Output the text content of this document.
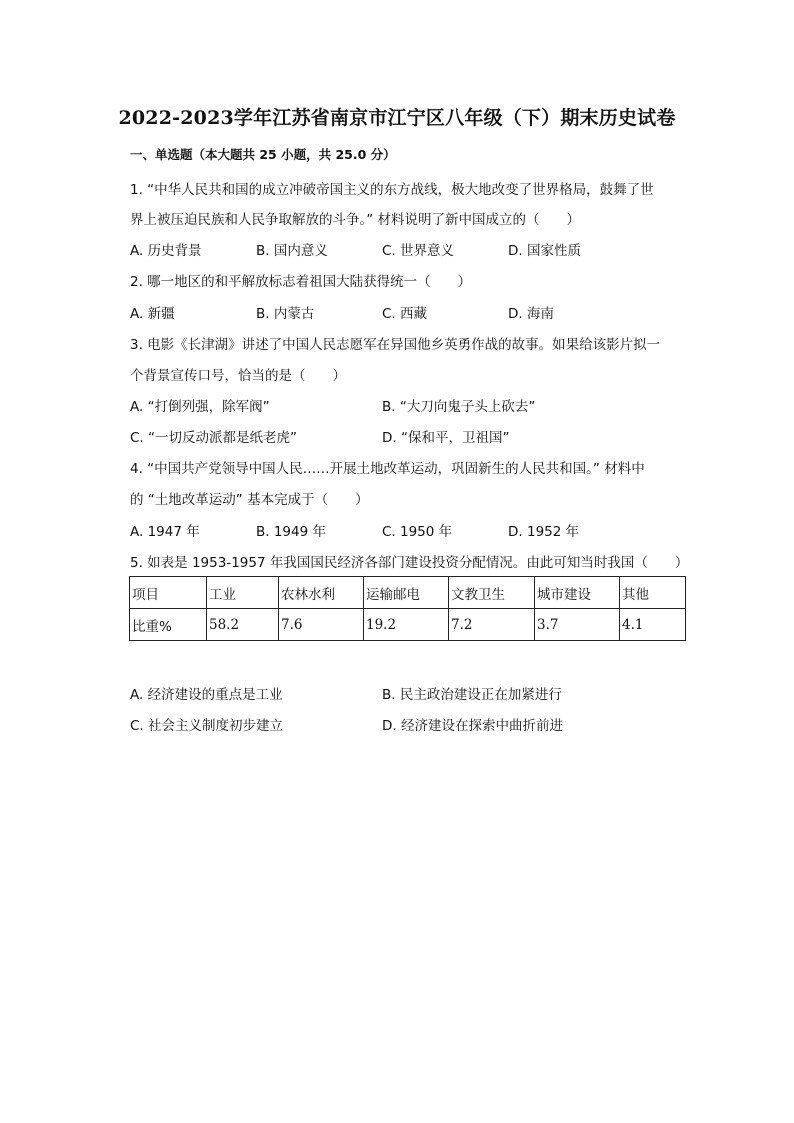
2022-2023学年江苏省南京市江宁区八年级（下）期末历史试卷
一、单选题（本大题共 25 小题，共 25.0 分）
1. “中华人民共和国的成立冲破帝国主义的东方战线，极大地改变了世界格局，鼓舞了世
界上被压迫民族和人民争取解放的斗争。” 材料说明了新中国成立的（　　）
A. 历史背景	B. 国内意义	C. 世界意义	D. 国家性质
2. 哪一地区的和平解放标志着祖国大陆获得统一（　　）
A. 新疆	B. 内蒙古	C. 西藏	D. 海南
3. 电影《长津湖》讲述了中国人民志愿军在异国他乡英勇作战的故事。如果给该影片拟一
个背景宣传口号，恰当的是（　　）
A. “打倒列强，除军阀”	B. “大刀向鬼子头上砍去”
C. “一切反动派都是纸老虎”	D. “保和平，卫祖国”
4. “中国共产党领导中国人民……开展土地改革运动，巩固新生的人民共和国。” 材料中
的 “土地改革运动” 基本完成于（　　）
A. 1947 年	B. 1949 年	C. 1950 年	D. 1952 年
5. 如表是 1953-1957 年我国国民经济各部门建设投资分配情况。由此可知当时我国（　　）
项目	工业	农林水利	运输邮电	文教卫生	城市建设	其他
比重%	58.2	7.6	19.2	7.2	3.7	4.1
A. 经济建设的重点是工业	B. 民主政治建设正在加紧进行
C. 社会主义制度初步建立	D. 经济建设在探索中曲折前进
